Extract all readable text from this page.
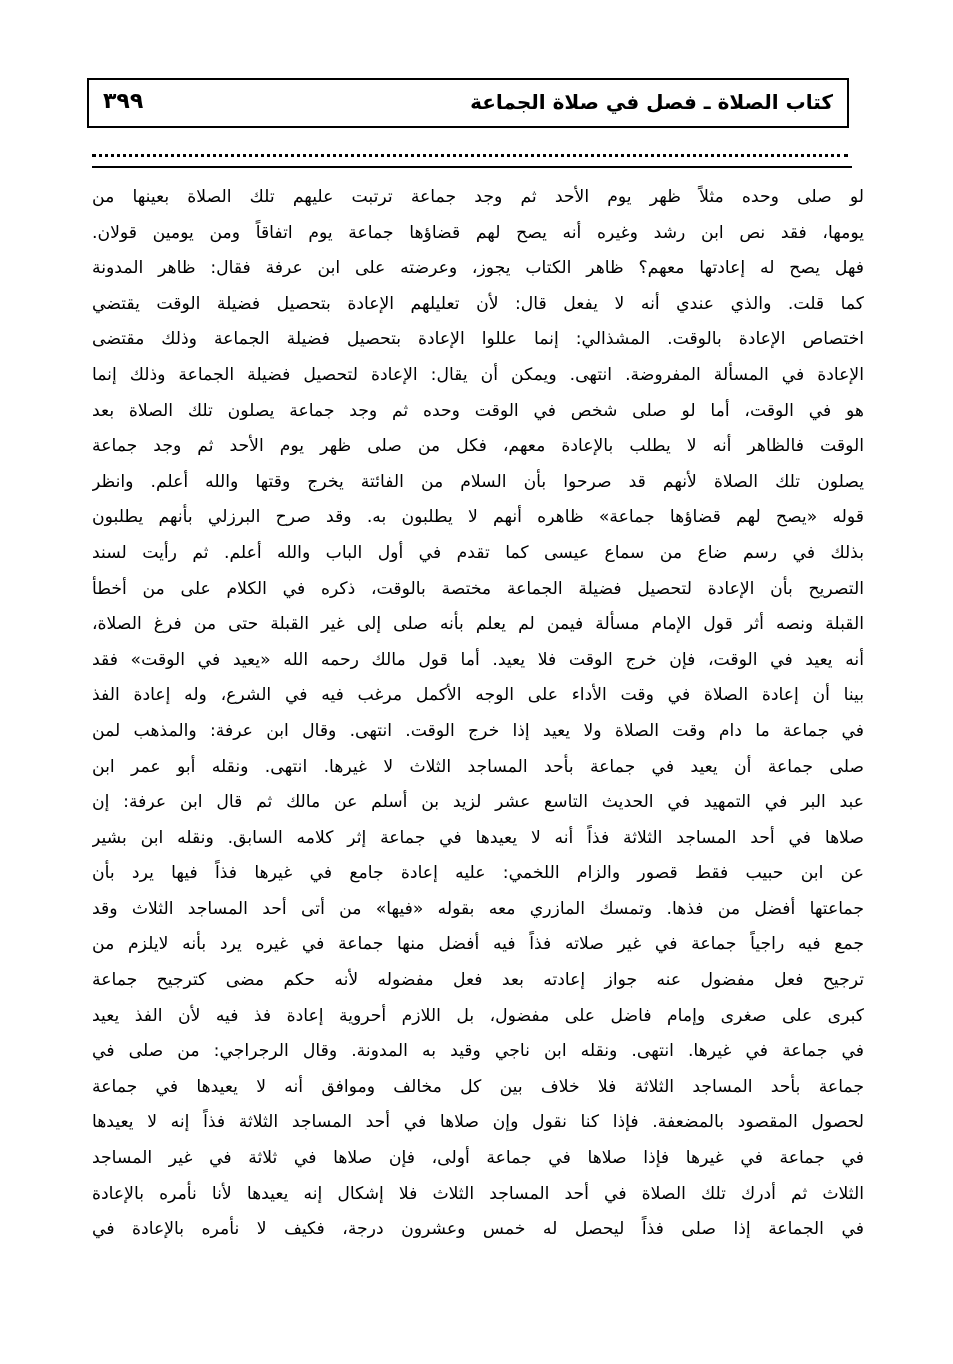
كتاب الصلاة ـ فصل في صلاة الجماعة
٣٩٩
لو صلى وحده مثلاً ظهر يوم الأحد ثم وجد جماعة ترتبت عليهم تلك الصلاة بعينها من
يومها، فقد نص ابن رشد وغيره أنه يصح لهم قضاؤها جماعة يوم اتفاقاً ومن يومين قولان.
فهل يصح له إعادتها معهم؟ ظاهر الكتاب يجوز، وعرضته على ابن عرفة فقال: ظاهر المدونة
كما قلت. والذي عندي أنه لا يفعل قال: لأن تعليلهم الإعادة بتحصيل فضيلة الوقت يقتضي
اختصاص الإعادة بالوقت. المشذالي: إنما عللوا الإعادة بتحصيل فضيلة الجماعة وذلك مقتضى
الإعادة في المسألة المفروضة. انتهى. ويمكن أن يقال: الإعادة لتحصيل فضيلة الجماعة وذلك إنما
هو في الوقت، أما لو صلى شخص في الوقت وحده ثم وجد جماعة يصلون تلك الصلاة بعد
الوقت فالظاهر أنه لا يطلب بالإعادة معهم، فكل من صلى ظهر يوم الأحد ثم وجد جماعة
يصلون تلك الصلاة لأنهم قد صرحوا بأن السلام من الفائتة يخرج وقتها والله أعلم. وانظر
قوله «يصح لهم قضاؤها جماعة» ظاهره أنهم لا يطلبون به. وقد صرح البرزلي بأنهم يطلبون
بذلك في رسم ضاع من سماع عيسى كما تقدم في أول الباب والله أعلم. ثم رأيت لسند
التصريح بأن الإعادة لتحصيل فضيلة الجماعة مختصة بالوقت، ذكره في الكلام على من أخطأ
القبلة ونصه أثر قول الإمام مسألة فيمن لم يعلم بأنه صلى إلى غير القبلة حتى من فرغ الصلاة،
أنه يعيد في الوقت، فإن خرج الوقت فلا يعيد. أما قول مالك رحمه الله «يعيد في الوقت» فقد
بينا أن إعادة الصلاة في وقت الأداء على الوجه الأكمل مرغب فيه في الشرع، وله إعادة الفذ
في جماعة ما دام وقت الصلاة ولا يعيد إذا خرج الوقت. انتهى. وقال ابن عرفة: والمذهب لمن
صلى جماعة أن يعيد في جماعة بأحد المساجد الثلاث لا غيرها. انتهى. ونقله أبو عمر ابن
عبد البر في التمهيد في الحديث التاسع عشر لزيد بن أسلم عن مالك ثم قال ابن عرفة: إن
صلاها في أحد المساجد الثلاثة فذاً أنه لا يعيدها في جماعة إثر كلامه السابق. ونقله ابن بشير
عن ابن حبيب فقط قصور والزام اللخمي: عليه إعادة جامع في غيرها فذاً فيها يرد بأن
جماعتها أفضل من فذها. وتمسك المازري معه بقوله «فيها» من أتى أحد المساجد الثلاث وقد
جمع فيه راجياً جماعة في غير صلاته فذاً فيه أفضل منها جماعة في غيره يرد بأنه لايلزم من
ترجيح فعل مفضول عنه جواز إعادته بعد فعل مفضوله لأنه حكم مضى كترجيح جماعة
كبرى على صغرى وإمام فاضل على مفضول، بل اللازم أحروية إعادة فذ فيه لأن الفذ يعيد
في جماعة في غيرها. انتهى. ونقله ابن ناجي وقيد به المدونة. وقال الرجراجي: من صلى في
جماعة بأحد المساجد الثلاثة فلا خلاف بين كل مخالف وموافق أنه لا يعيدها في جماعة
لحصول المقصود بالمضعفة. فإذا كنا نقول وإن صلاها في أحد المساجد الثلاثة فذاً إنه لا يعيدها
في جماعة في غيرها فإذا صلاها في جماعة أولى، فإن صلاها في ثلاثة في غير المساجد
الثلاث ثم أدرك تلك الصلاة في أحد المساجد الثلاث فلا إشكال إنه يعيدها لأنا نأمره بالإعادة
في الجماعة إذا صلى فذاً ليحصل له خمس وعشرون درجة، فكيف لا نأمره بالإعادة في
